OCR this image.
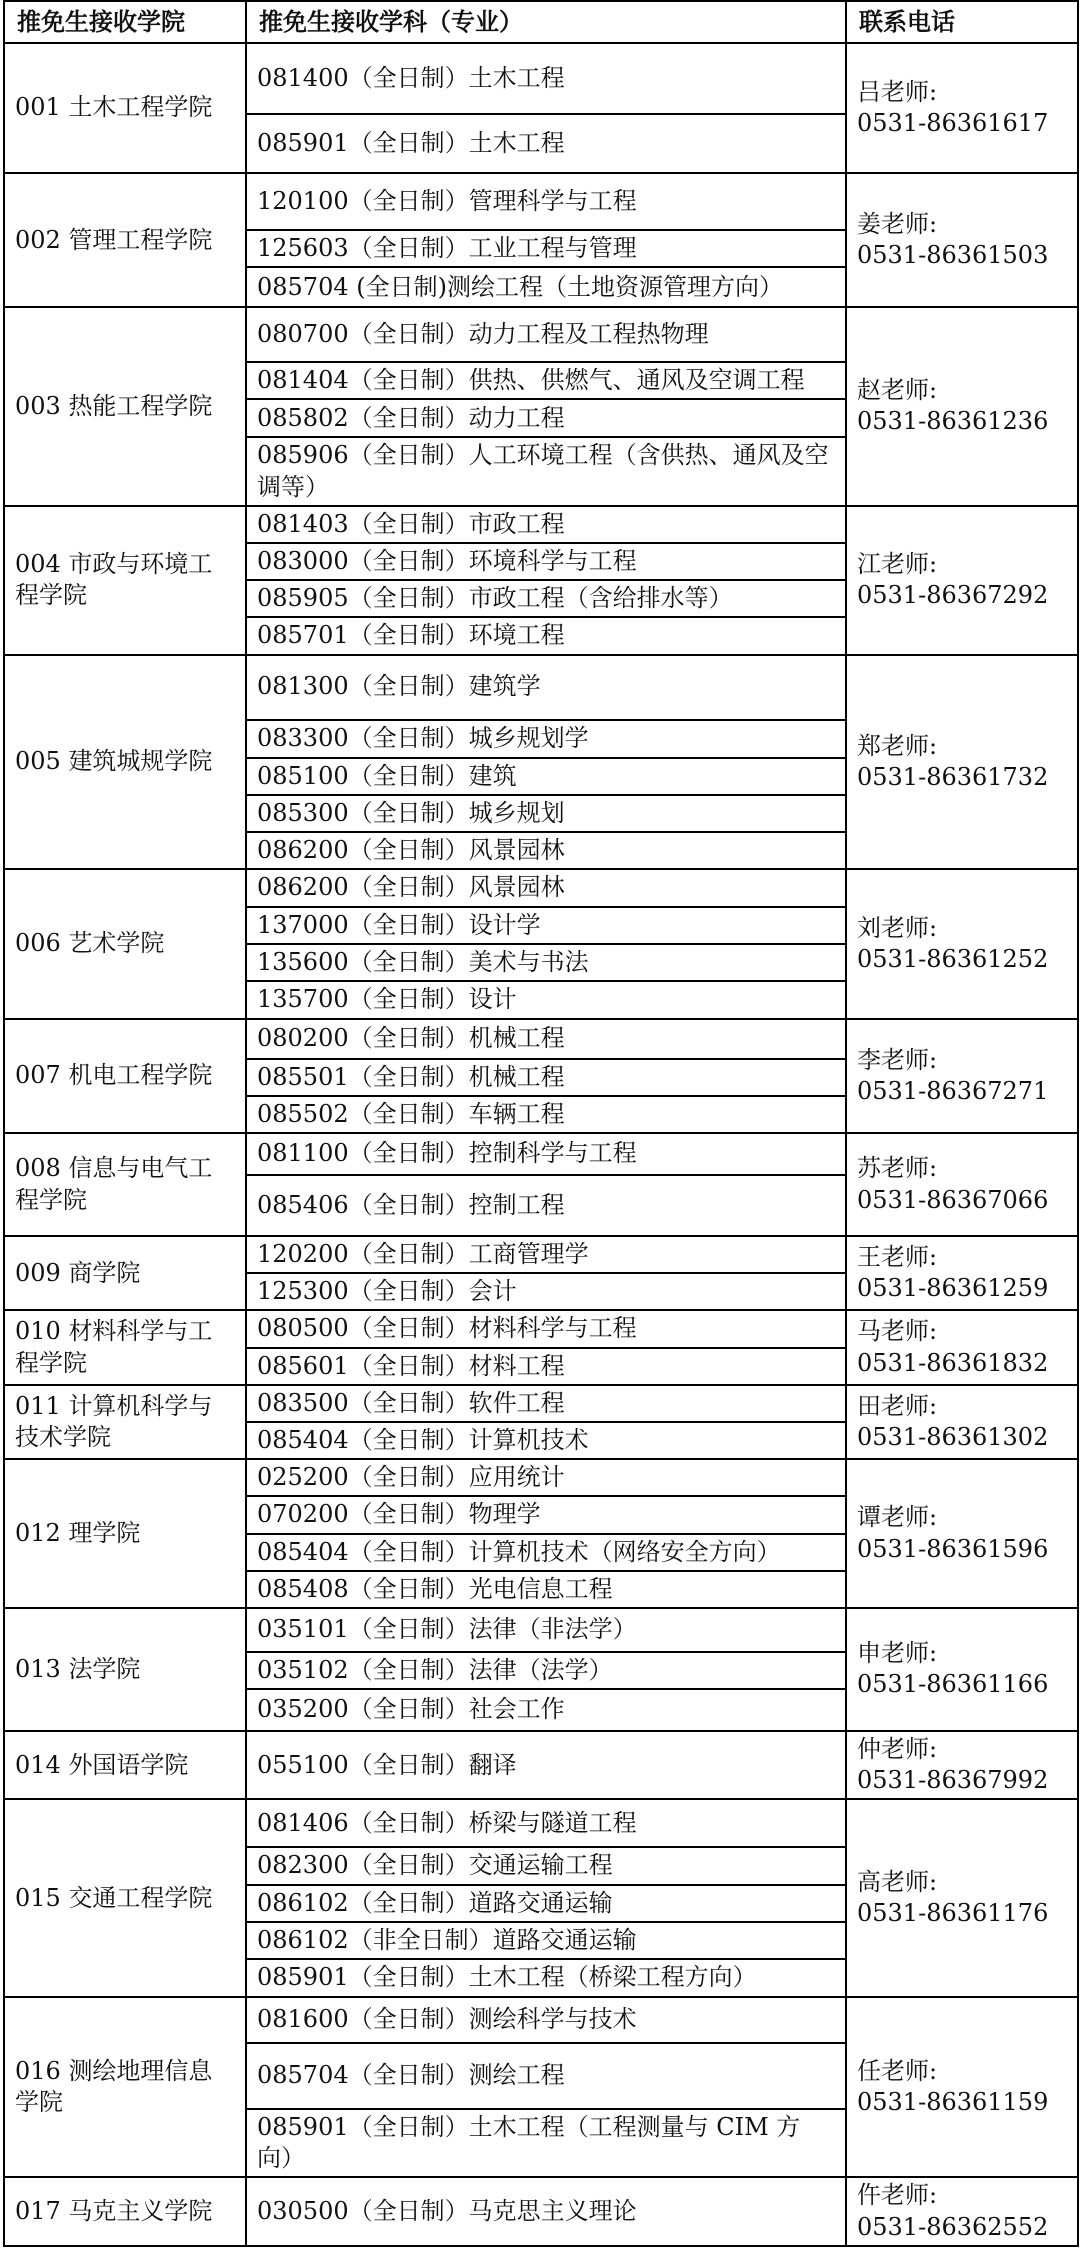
推免生接收学院	推免生接收学科（专业）	联系电话
001 土木工程学院	081400（全日制）土木工程	吕老师:
0531-86361617

	085901（全日制）土木工程	
002 管理工程学院	120100（全日制）管理科学与工程	姜老师:
0531-86361503

	125603（全日制）工业工程与管理	
	085704 (全日制)测绘工程（土地资源管理方向）	
003 热能工程学院	080700（全日制）动力工程及工程热物理	赵老师:
0531-86361236

	081404（全日制）供热、供燃气、通风及空调工程	
	085802（全日制）动力工程	
	085906（全日制）人工环境工程（含供热、通风及空调等）	
004 市政与环境工程学院	081403（全日制）市政工程	江老师:
0531-86367292

	083000（全日制）环境科学与工程	
	085905（全日制）市政工程（含给排水等）	
	085701（全日制）环境工程	
005 建筑城规学院	081300（全日制）建筑学	郑老师:
0531-86361732

	083300（全日制）城乡规划学	
	085100（全日制）建筑	
	085300（全日制）城乡规划	
	086200（全日制）风景园林	
006 艺术学院	086200（全日制）风景园林	刘老师:
0531-86361252

	137000（全日制）设计学	
	135600（全日制）美术与书法	
	135700（全日制）设计	
007 机电工程学院	080200（全日制）机械工程	李老师:
0531-86367271

	085501（全日制）机械工程	
	085502（全日制）车辆工程	
008 信息与电气工程学院	081100（全日制）控制科学与工程	苏老师:
0531-86367066

	085406（全日制）控制工程	
009 商学院	120200（全日制）工商管理学	王老师:
0531-86361259

	125300（全日制）会计	
010 材料科学与工程学院	080500（全日制）材料科学与工程	马老师:
0531-86361832

	085601（全日制）材料工程	
011 计算机科学与技术学院	083500（全日制）软件工程	田老师:
0531-86361302

	085404（全日制）计算机技术	
012 理学院	025200（全日制）应用统计	谭老师:
0531-86361596

	070200（全日制）物理学	
	085404（全日制）计算机技术（网络安全方向）	
	085408（全日制）光电信息工程	
013 法学院	035101（全日制）法律（非法学）	申老师:
0531-86361166

	035102（全日制）法律（法学）	
	035200（全日制）社会工作	
014 外国语学院	055100（全日制）翻译	仲老师:
0531-86367992

015 交通工程学院	081406（全日制）桥梁与隧道工程	高老师:
0531-86361176

	082300（全日制）交通运输工程	
	086102（全日制）道路交通运输	
	086102（非全日制）道路交通运输	
	085901（全日制）土木工程（桥梁工程方向）	
016 测绘地理信息学院	081600（全日制）测绘科学与技术	任老师:
0531-86361159

	085704（全日制）测绘工程	
	085901（全日制）土木工程（工程测量与 CIM 方向）	
017 马克主义学院	030500（全日制）马克思主义理论	仵老师:
0531-86362552
